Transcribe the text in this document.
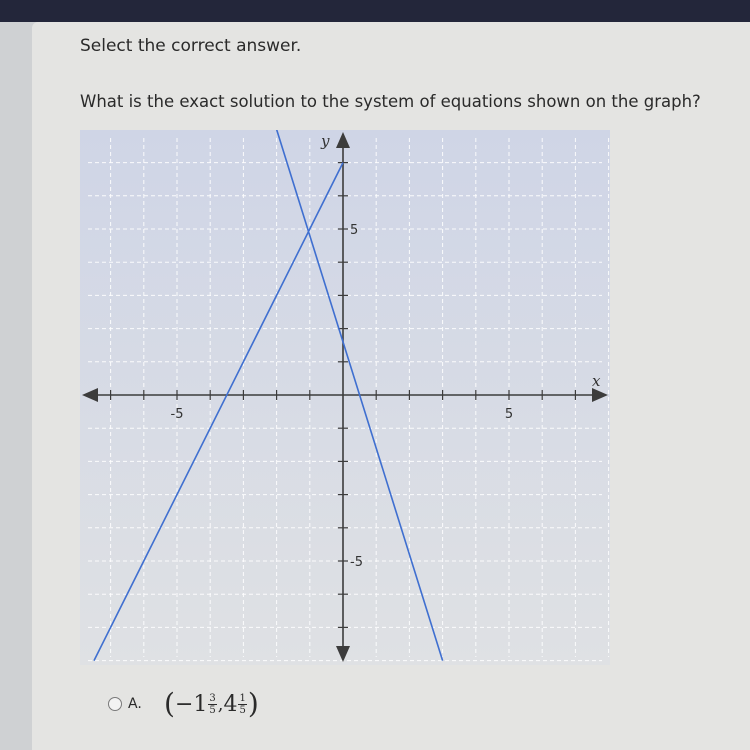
Select the correct answer.

What is the exact solution to the system of equations shown on the graph?

-5	5
5
-5
x
y
A. ( $-1 \frac{3}{5}$ , $4 \frac{1}{5}$ )
